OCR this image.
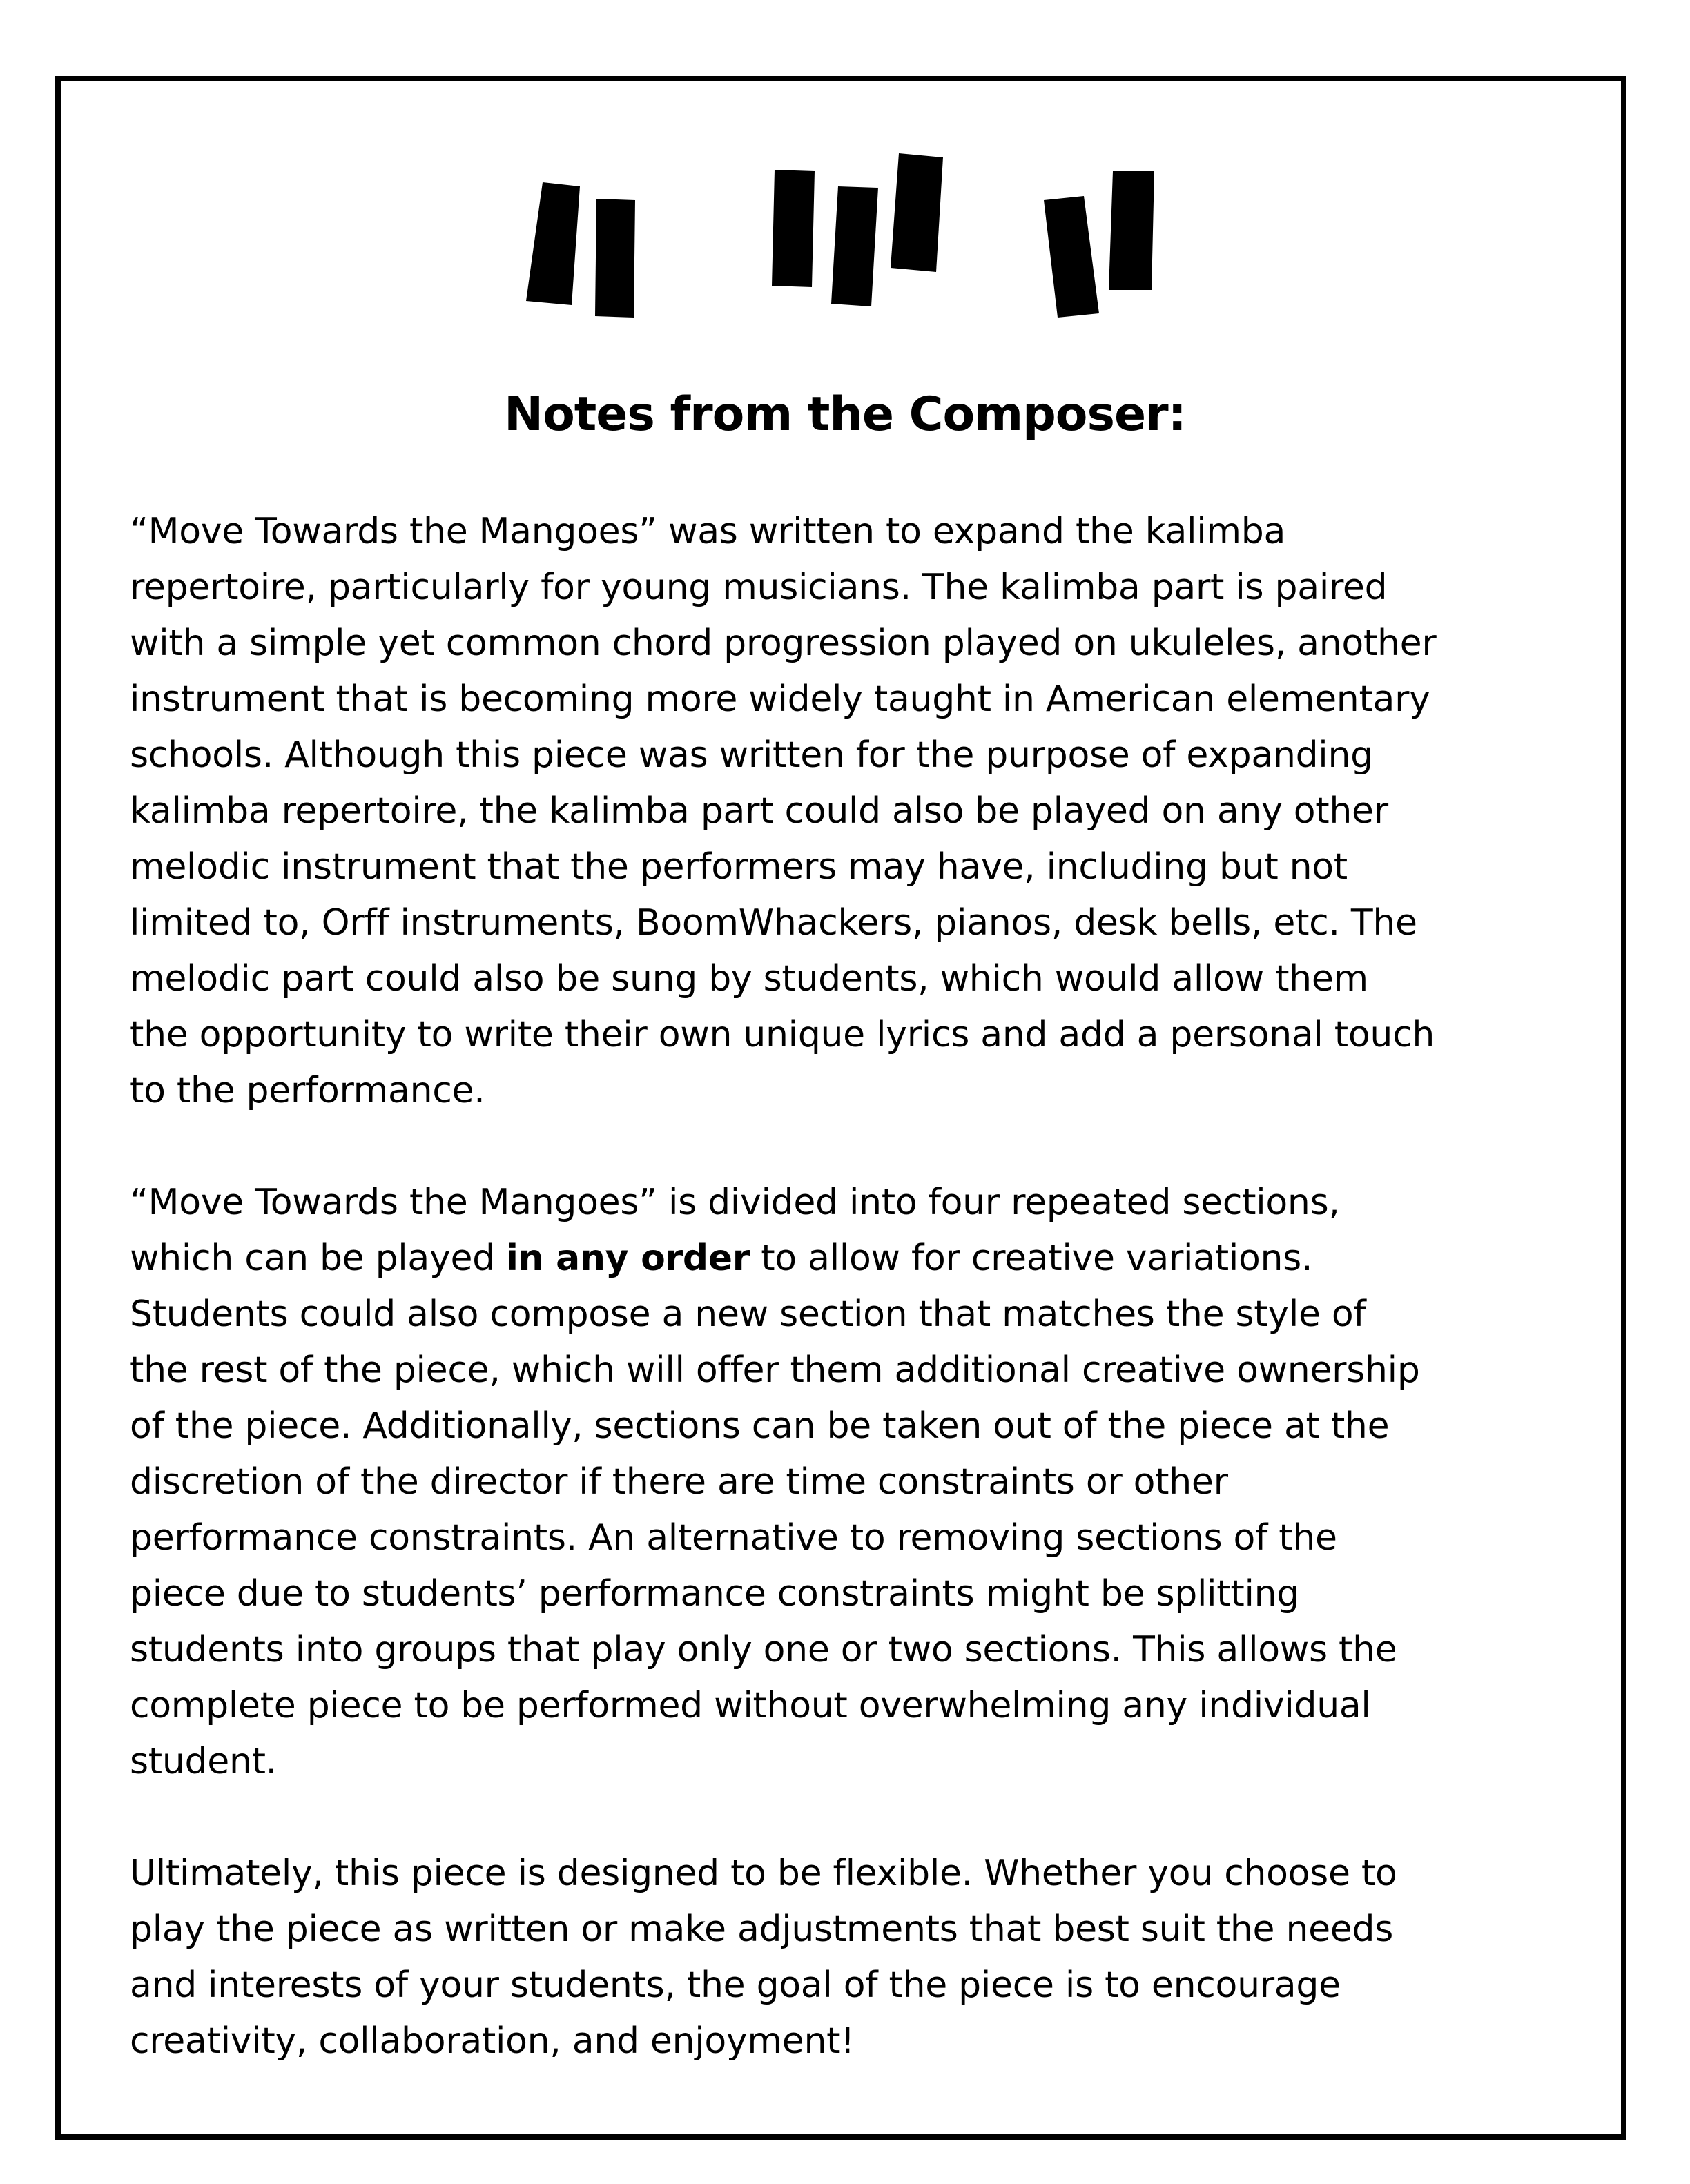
Notes from the Composer:

“Move Towards the Mangoes” was written to expand the kalimba
repertoire, particularly for young musicians. The kalimba part is paired
with a simple yet common chord progression played on ukuleles, another
instrument that is becoming more widely taught in American elementary
schools. Although this piece was written for the purpose of expanding
kalimba repertoire, the kalimba part could also be played on any other
melodic instrument that the performers may have, including but not
limited to, Orff instruments, BoomWhackers, pianos, desk bells, etc. The
melodic part could also be sung by students, which would allow them
the opportunity to write their own unique lyrics and add a personal touch
to the performance.

“Move Towards the Mangoes” is divided into four repeated sections,
which can be played in any order to allow for creative variations.
Students could also compose a new section that matches the style of
the rest of the piece, which will offer them additional creative ownership
of the piece. Additionally, sections can be taken out of the piece at the
discretion of the director if there are time constraints or other
performance constraints. An alternative to removing sections of the
piece due to students’ performance constraints might be splitting
students into groups that play only one or two sections. This allows the
complete piece to be performed without overwhelming any individual
student.

Ultimately, this piece is designed to be flexible. Whether you choose to
play the piece as written or make adjustments that best suit the needs
and interests of your students, the goal of the piece is to encourage
creativity, collaboration, and enjoyment!
